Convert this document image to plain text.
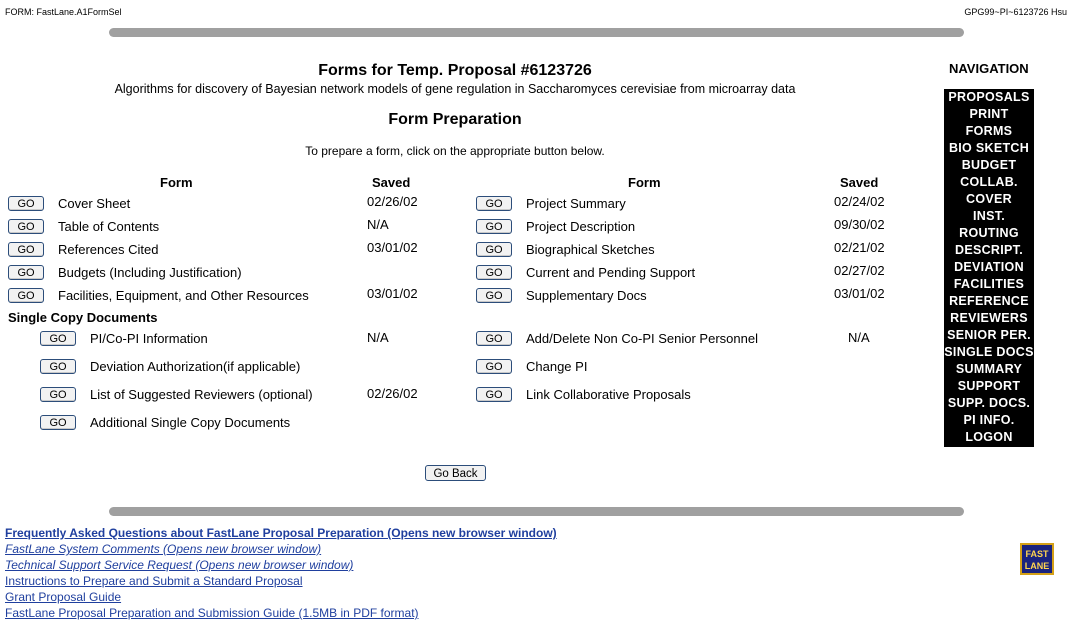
FORM: FastLane.A1FormSel	GPG99~PI~6123726 Hsu
Forms for Temp. Proposal #6123726
Algorithms for discovery of Bayesian network models of gene regulation in Saccharomyces cerevisiae from microarray data
Form Preparation
To prepare a form, click on the appropriate button below.
Form	Saved	Form	Saved
GO	Cover Sheet	02/26/02
GO	Table of Contents	N/A
GO	References Cited	03/01/02
GO	Budgets (Including Justification)
GO	Facilities, Equipment, and Other Resources	03/01/02
GO	Project Summary	02/24/02
GO	Project Description	09/30/02
GO	Biographical Sketches	02/21/02
GO	Current and Pending Support	02/27/02
GO	Supplementary Docs	03/01/02
Single Copy Documents
GO	PI/Co-PI Information	N/A
GO	Deviation Authorization(if applicable)
GO	List of Suggested Reviewers (optional)	02/26/02
GO	Additional Single Copy Documents
GO	Add/Delete Non Co-PI Senior Personnel	N/A
GO	Change PI
GO	Link Collaborative Proposals
Go Back
NAVIGATION
PROPOSALS
PRINT
FORMS
BIO SKETCH
BUDGET
COLLAB.
COVER
INST.
ROUTING
DESCRIPT.
DEVIATION
FACILITIES
REFERENCE
REVIEWERS
SENIOR PER.
SINGLE DOCS
SUMMARY
SUPPORT
SUPP. DOCS.
PI INFO.
LOGON
Frequently Asked Questions about FastLane Proposal Preparation (Opens new browser window)
FastLane System Comments (Opens new browser window)
Technical Support Service Request (Opens new browser window)
Instructions to Prepare and Submit a Standard Proposal
Grant Proposal Guide
FastLane Proposal Preparation and Submission Guide (1.5MB in PDF format)
FAST
LANE
